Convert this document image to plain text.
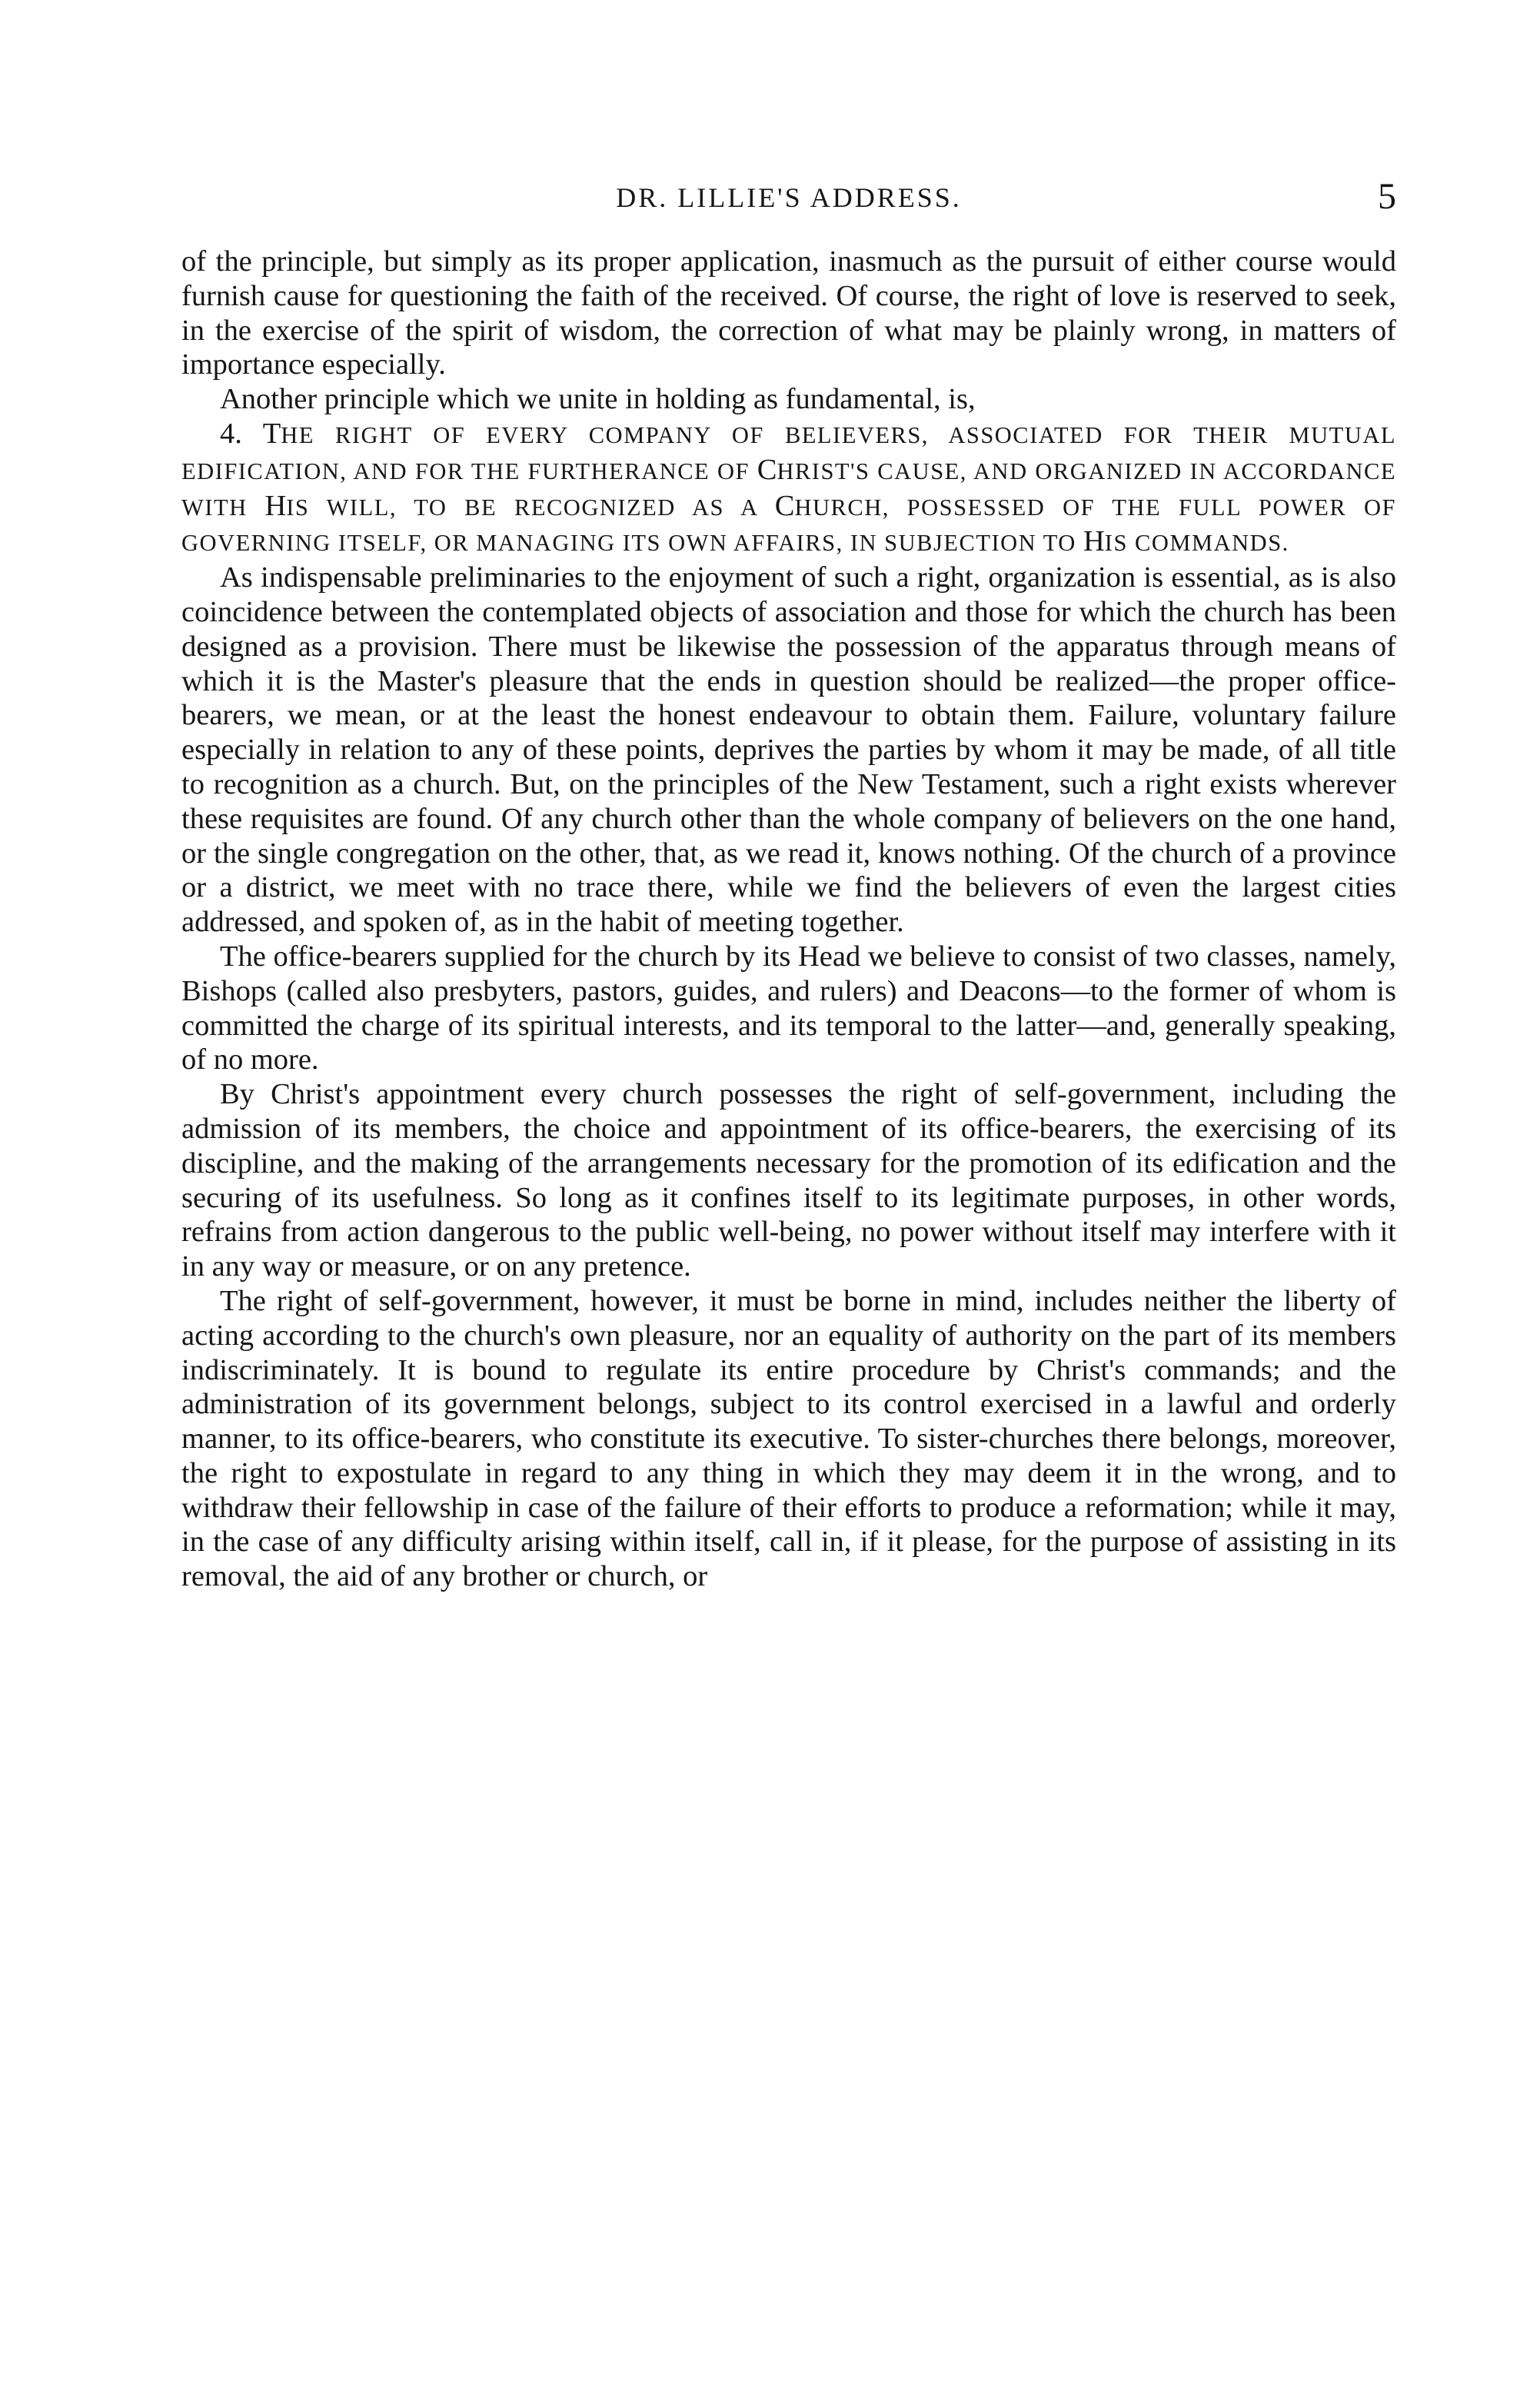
DR. LILLIE'S ADDRESS.	5

of the principle, but simply as its proper application, inasmuch as the pursuit of either course would furnish cause for questioning the faith of the received. Of course, the right of love is reserved to seek, in the exercise of the spirit of wisdom, the correction of what may be plainly wrong, in matters of importance especially.

Another principle which we unite in holding as fundamental, is,

4. THE RIGHT OF EVERY COMPANY OF BELIEVERS, ASSOCIATED FOR THEIR MUTUAL EDIFICATION, AND FOR THE FURTHERANCE OF CHRIST'S CAUSE, AND ORGANIZED IN ACCORDANCE WITH HIS WILL, TO BE RECOGNIZED AS A CHURCH, POSSESSED OF THE FULL POWER OF GOVERNING ITSELF, OR MANAGING ITS OWN AFFAIRS, IN SUBJECTION TO HIS COMMANDS.

As indispensable preliminaries to the enjoyment of such a right, organization is essential, as is also coincidence between the contemplated objects of association and those for which the church has been designed as a provision. There must be likewise the possession of the apparatus through means of which it is the Master's pleasure that the ends in question should be realized—the proper office-bearers, we mean, or at the least the honest endeavour to obtain them. Failure, voluntary failure especially in relation to any of these points, deprives the parties by whom it may be made, of all title to recognition as a church. But, on the principles of the New Testament, such a right exists wherever these requisites are found. Of any church other than the whole company of believers on the one hand, or the single congregation on the other, that, as we read it, knows nothing. Of the church of a province or a district, we meet with no trace there, while we find the believers of even the largest cities addressed, and spoken of, as in the habit of meeting together.

The office-bearers supplied for the church by its Head we believe to consist of two classes, namely, Bishops (called also presbyters, pastors, guides, and rulers) and Deacons—to the former of whom is committed the charge of its spiritual interests, and its temporal to the latter—and, generally speaking, of no more.

By Christ's appointment every church possesses the right of self-government, including the admission of its members, the choice and appointment of its office-bearers, the exercising of its discipline, and the making of the arrangements necessary for the promotion of its edification and the securing of its usefulness. So long as it confines itself to its legitimate purposes, in other words, refrains from action dangerous to the public well-being, no power without itself may interfere with it in any way or measure, or on any pretence.

The right of self-government, however, it must be borne in mind, includes neither the liberty of acting according to the church's own pleasure, nor an equality of authority on the part of its members indiscriminately. It is bound to regulate its entire procedure by Christ's commands; and the administration of its government belongs, subject to its control exercised in a lawful and orderly manner, to its office-bearers, who constitute its executive. To sister-churches there belongs, moreover, the right to expostulate in regard to any thing in which they may deem it in the wrong, and to withdraw their fellowship in case of the failure of their efforts to produce a reformation; while it may, in the case of any difficulty arising within itself, call in, if it please, for the purpose of assisting in its removal, the aid of any brother or church, or
